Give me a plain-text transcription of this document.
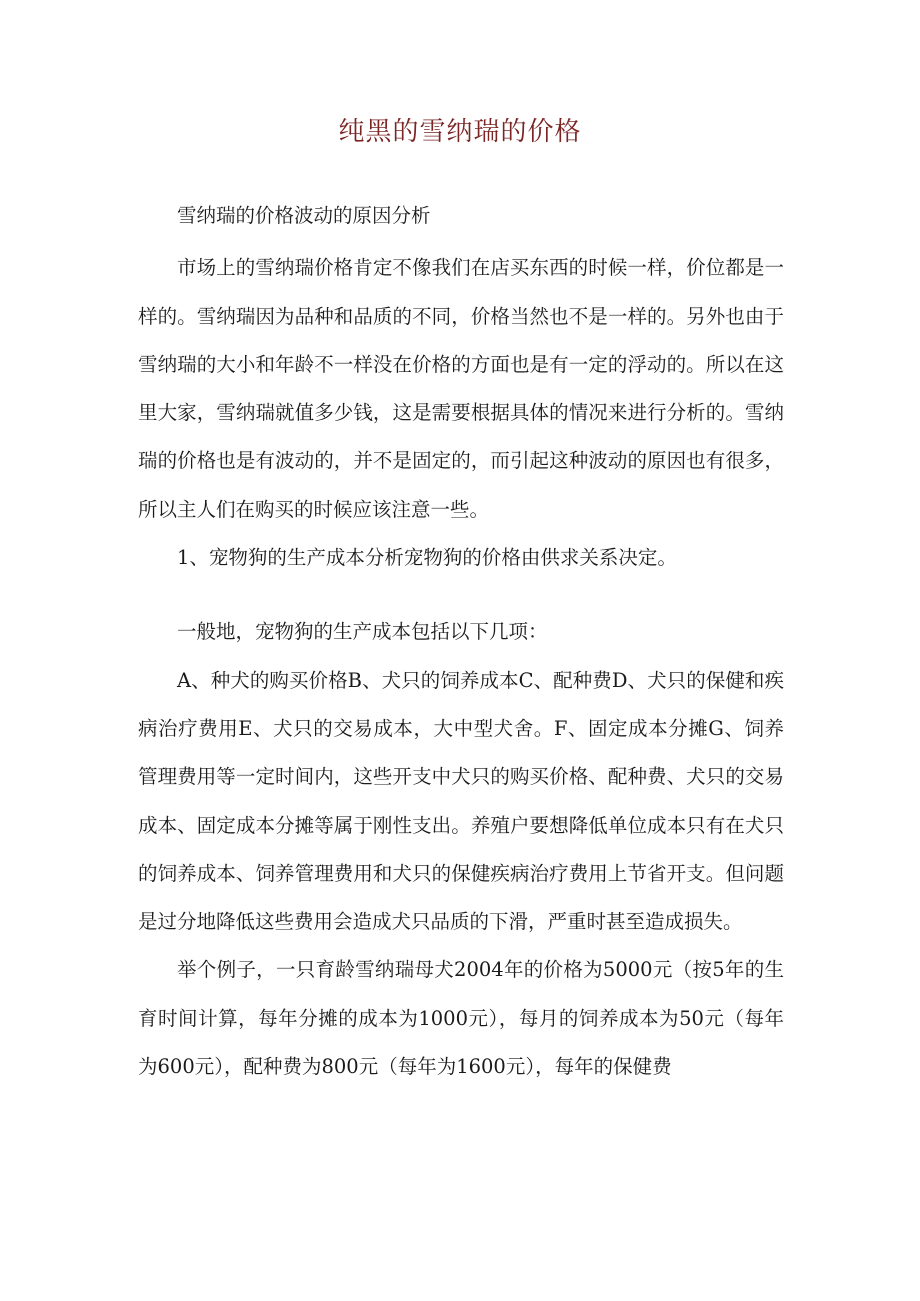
纯黑的雪纳瑞的价格

雪纳瑞的价格波动的原因分析

市场上的雪纳瑞价格肯定不像我们在店买东西的时候一样，价位都是一样的。雪纳瑞因为品种和品质的不同，价格当然也不是一样的。另外也由于雪纳瑞的大小和年龄不一样没在价格的方面也是有一定的浮动的。所以在这里大家，雪纳瑞就值多少钱，这是需要根据具体的情况来进行分析的。雪纳瑞的价格也是有波动的，并不是固定的，而引起这种波动的原因也有很多，所以主人们在购买的时候应该注意一些。

1、宠物狗的生产成本分析宠物狗的价格由供求关系决定。

一般地，宠物狗的生产成本包括以下几项：

A、种犬的购买价格B、犬只的饲养成本C、配种费D、犬只的保健和疾病治疗费用E、犬只的交易成本，大中型犬舍。F、固定成本分摊G、饲养管理费用等一定时间内，这些开支中犬只的购买价格、配种费、犬只的交易成本、固定成本分摊等属于刚性支出。养殖户要想降低单位成本只有在犬只的饲养成本、饲养管理费用和犬只的保健疾病治疗费用上节省开支。但问题是过分地降低这些费用会造成犬只品质的下滑，严重时甚至造成损失。

举个例子，一只育龄雪纳瑞母犬2004年的价格为5000元（按5年的生育时间计算，每年分摊的成本为1000元），每月的饲养成本为50元（每年为600元），配种费为800元（每年为1600元），每年的保健费
